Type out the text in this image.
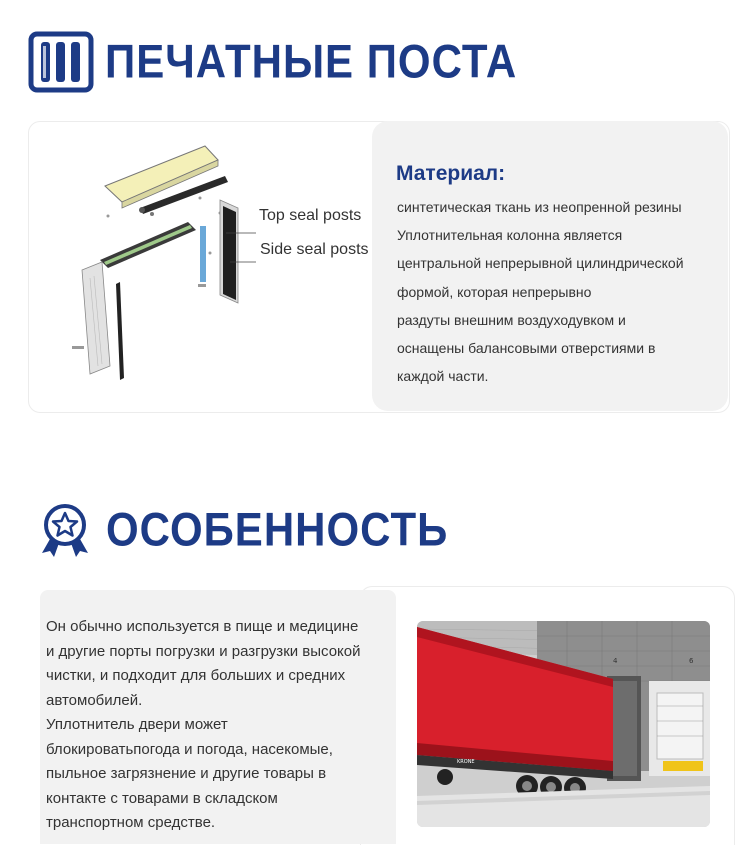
ПЕЧАТНЫЕ ПОСТА
Материал:
синтетическая ткань из неопренной резины
Уплотнительная колонна является
центральной непрерывной цилиндрической
формой, которая непрерывно
раздуты внешним воздуходувком и
оснащены балансовыми отверстиями в
каждой части.
Top seal posts
Side seal posts
ОСОБЕННОСТЬ
Он обычно используется в пище и медицине
и другие порты погрузки и разгрузки высокой
чистки, и подходит для больших и средних
автомобилей.
Уплотнитель двери может
блокироватьпогода и погода, насекомые,
пыльное загрязнение и другие товары в
контакте с товарами в складском
транспортном средстве.
4	6
KRONE
